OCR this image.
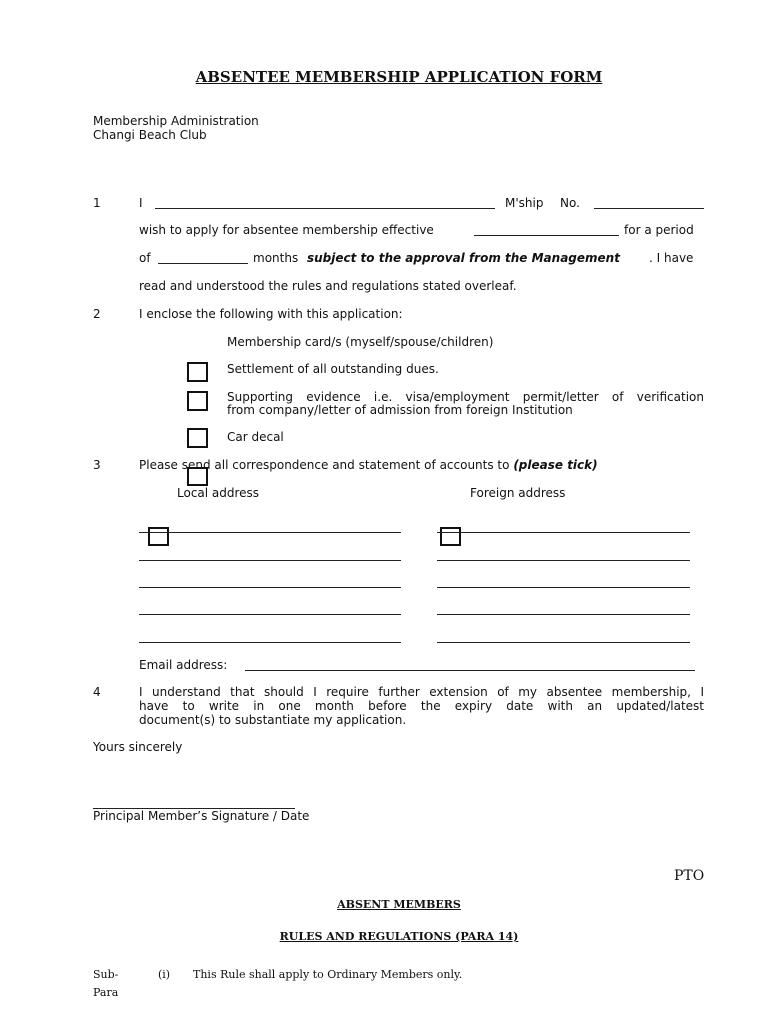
ABSENTEE MEMBERSHIP APPLICATION FORM
Membership Administration
Changi Beach Club
1	I	M'ship No.
wish to apply for absentee membership effective	for a period
of	months subject to the approval from the Management . I have
read and understood the rules and regulations stated overleaf.
2	I enclose the following with this application:
Membership card/s (myself/spouse/children)
Settlement of all outstanding dues.
Supporting evidence i.e. visa/employment permit/letter of verification
from company/letter of admission from foreign Institution
Car decal
3	Please send all correspondence and statement of accounts to (please tick)
Local address	Foreign address
Email address:
4	I understand that should I require further extension of my absentee membership, I
have to write in one month before the expiry date with an updated/latest
document(s) to substantiate my application.
Yours sincerely
Principal Member’s Signature / Date
PTO
ABSENT MEMBERS
RULES AND REGULATIONS (PARA 14)
Sub-
Para
(i) This Rule shall apply to Ordinary Members only.
